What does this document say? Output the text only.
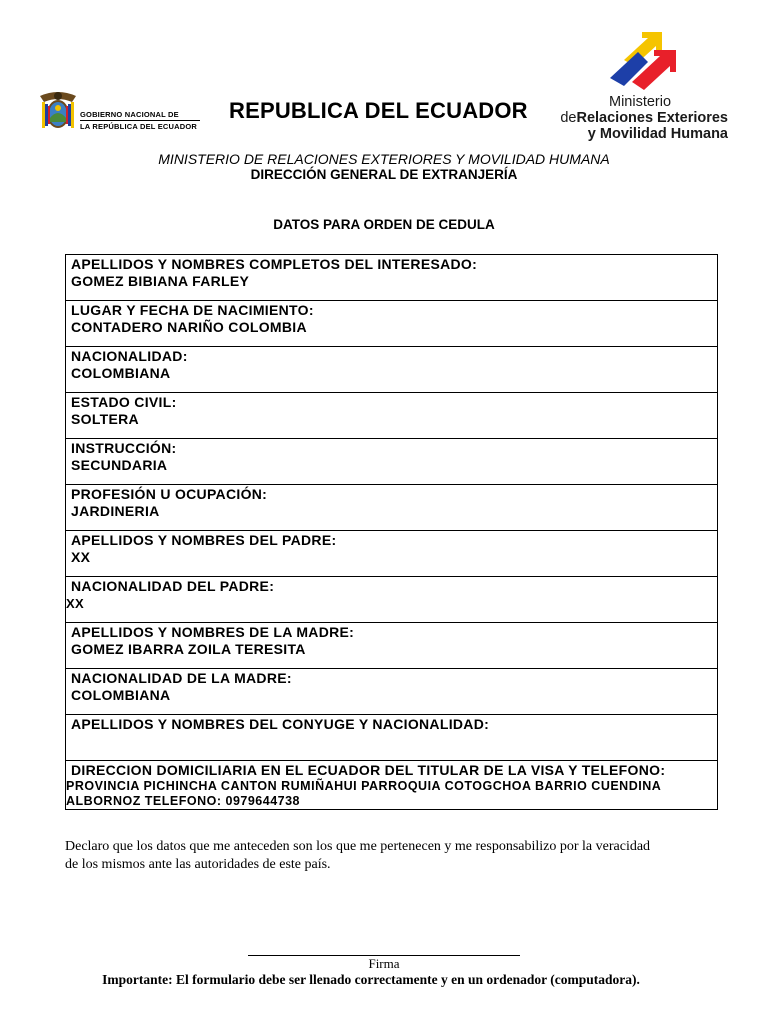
GOBIERNO NACIONAL DE
LA REPÚBLICA DEL ECUADOR
REPUBLICA DEL ECUADOR	Ministerio
deRelaciones Exteriores
y Movilidad Humana
MINISTERIO DE RELACIONES EXTERIORES Y MOVILIDAD HUMANA
DIRECCIÓN GENERAL DE EXTRANJERÍA
DATOS PARA ORDEN DE CEDULA
APELLIDOS Y NOMBRES COMPLETOS DEL INTERESADO:
GOMEZ BIBIANA FARLEY
LUGAR Y FECHA DE NACIMIENTO:
CONTADERO NARIÑO COLOMBIA
NACIONALIDAD:
COLOMBIANA
ESTADO CIVIL:
SOLTERA
INSTRUCCIÓN:
SECUNDARIA
PROFESIÓN U OCUPACIÓN:
JARDINERIA
APELLIDOS Y NOMBRES DEL PADRE:
XX
NACIONALIDAD DEL PADRE:
XX
APELLIDOS Y NOMBRES DE LA MADRE:
GOMEZ IBARRA ZOILA TERESITA
NACIONALIDAD DE LA MADRE:
COLOMBIANA
APELLIDOS Y NOMBRES DEL CONYUGE Y NACIONALIDAD:
DIRECCION DOMICILIARIA EN EL ECUADOR DEL TITULAR DE LA VISA Y TELEFONO:
PROVINCIA PICHINCHA CANTON RUMIÑAHUI PARROQUIA COTOGCHOA BARRIO CUENDINA
ALBORNOZ TELEFONO: 0979644738
Declaro que los datos que me anteceden son los que me pertenecen y me responsabilizo por la veracidad
de los mismos ante las autoridades de este país.
Firma
Importante: El formulario debe ser llenado correctamente y en un ordenador (computadora).
